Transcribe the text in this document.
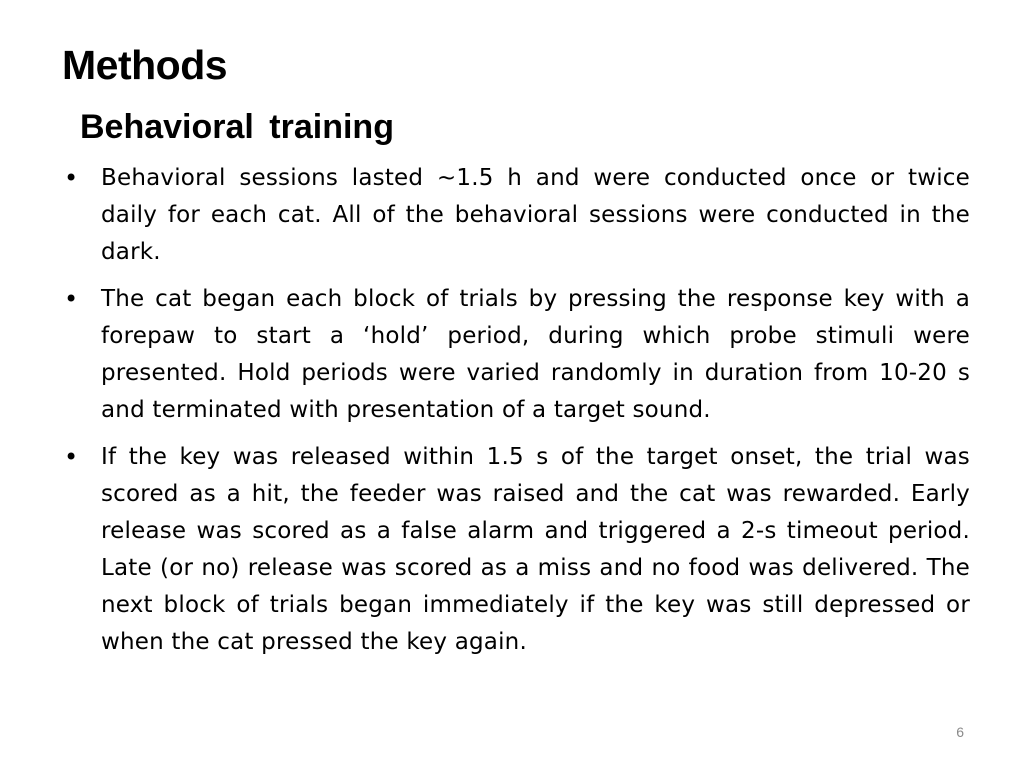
Methods
Behavioral training
• Behavioral sessions lasted ~1.5 h and were conducted once or twice daily for each cat. All of the behavioral sessions were conducted in the dark.
• The cat began each block of trials by pressing the response key with a forepaw to start a ‘hold’ period, during which probe stimuli were presented. Hold periods were varied randomly in duration from 10-20 s and terminated with presentation of a target sound.
• If the key was released within 1.5 s of the target onset, the trial was scored as a hit, the feeder was raised and the cat was rewarded. Early release was scored as a false alarm and triggered a 2-s timeout period. Late (or no) release was scored as a miss and no food was delivered. The next block of trials began immediately if the key was still depressed or when the cat pressed the key again.
6
